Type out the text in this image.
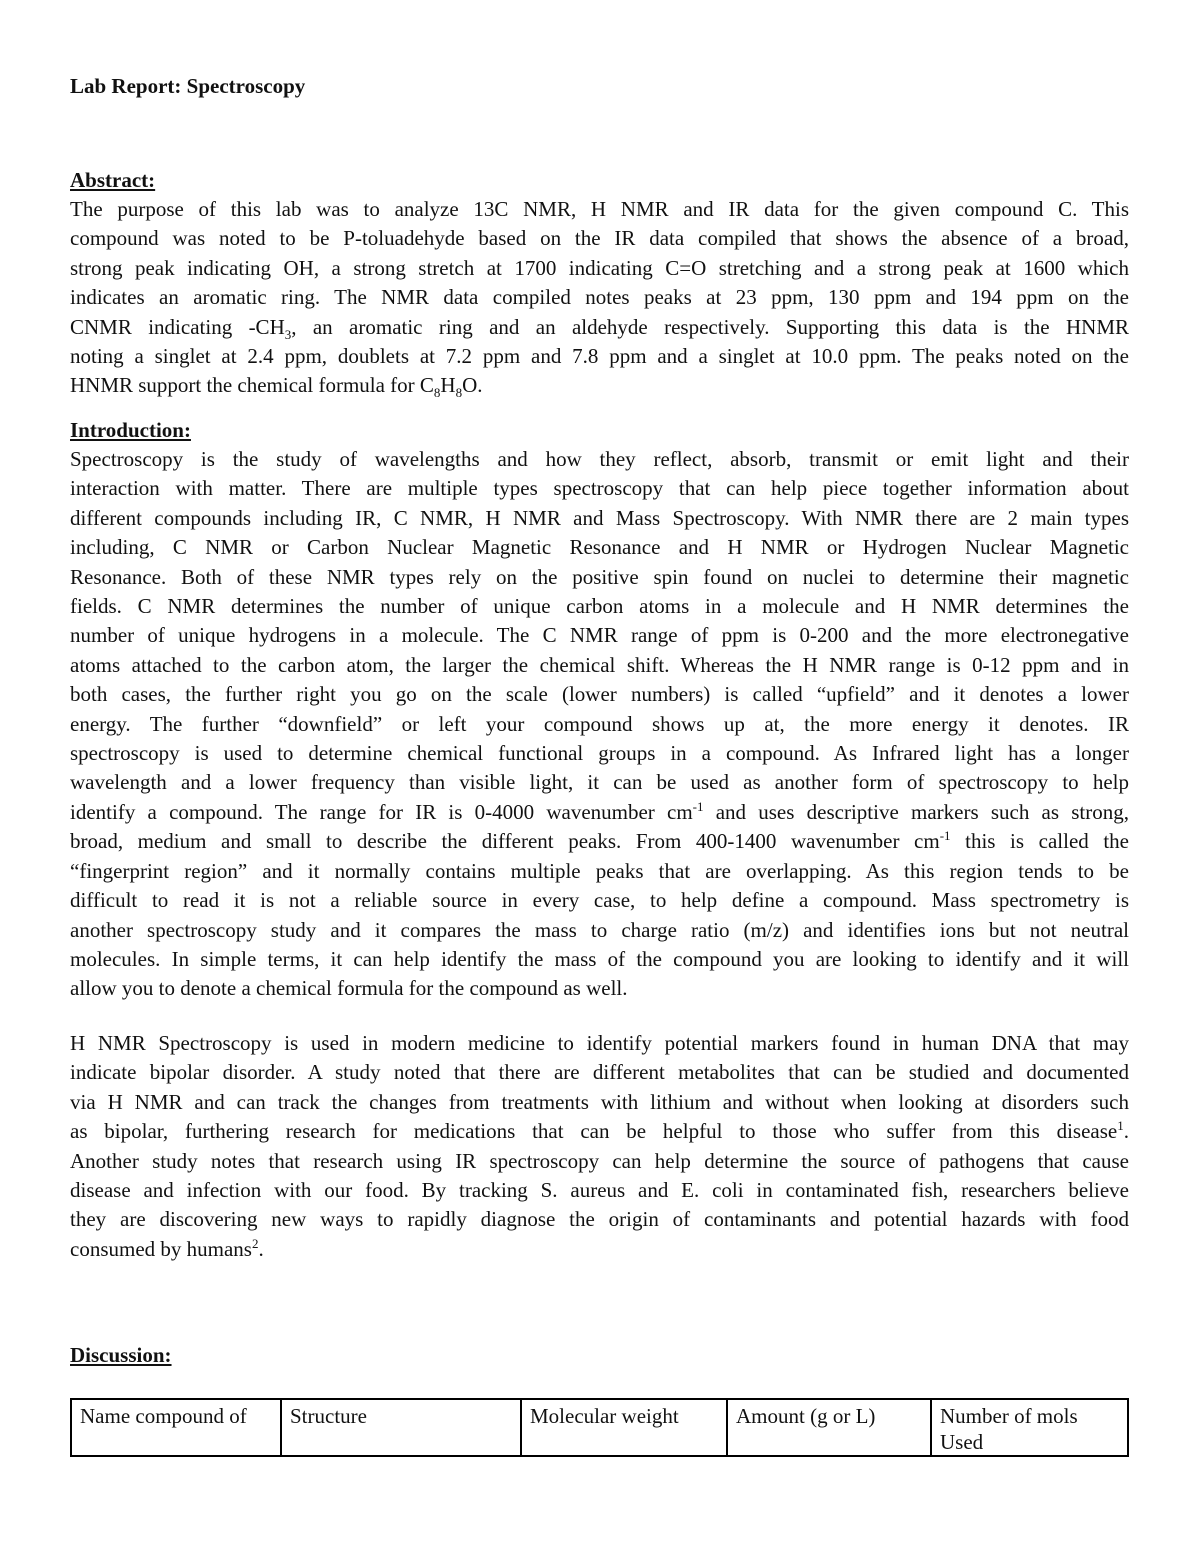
Lab Report: Spectroscopy
Abstract:
The purpose of this lab was to analyze 13C NMR, H NMR and IR data for the given compound C. This
compound was noted to be P-toluadehyde based on the IR data compiled that shows the absence of a broad,
strong peak indicating OH, a strong stretch at 1700 indicating C=O stretching and a strong peak at 1600 which
indicates an aromatic ring. The NMR data compiled notes peaks at 23 ppm, 130 ppm and 194 ppm on the
CNMR indicating $-CH_3$, an aromatic ring and an aldehyde respectively. Supporting this data is the HNMR
noting a singlet at 2.4 ppm, doublets at 7.2 ppm and 7.8 ppm and a singlet at 10.0 ppm. The peaks noted on the
HNMR support the chemical formula for $C_8H_8O$.
Introduction:
Spectroscopy is the study of wavelengths and how they reflect, absorb, transmit or emit light and their
interaction with matter. There are multiple types spectroscopy that can help piece together information about
different compounds including IR, C NMR, H NMR and Mass Spectroscopy. With NMR there are 2 main types
including, C NMR or Carbon Nuclear Magnetic Resonance and H NMR or Hydrogen Nuclear Magnetic
Resonance. Both of these NMR types rely on the positive spin found on nuclei to determine their magnetic
fields. C NMR determines the number of unique carbon atoms in a molecule and H NMR determines the
number of unique hydrogens in a molecule. The C NMR range of ppm is 0-200 and the more electronegative
atoms attached to the carbon atom, the larger the chemical shift. Whereas the H NMR range is 0-12 ppm and in
both cases, the further right you go on the scale (lower numbers) is called “upfield” and it denotes a lower
energy. The further “downfield” or left your compound shows up at, the more energy it denotes. IR
spectroscopy is used to determine chemical functional groups in a compound. As Infrared light has a longer
wavelength and a lower frequency than visible light, it can be used as another form of spectroscopy to help
identify a compound. The range for IR is 0-4000 wavenumber $cm^{-1}$ and uses descriptive markers such as strong,
broad, medium and small to describe the different peaks. From 400-1400 wavenumber $cm^{-1}$ this is called the
“fingerprint region” and it normally contains multiple peaks that are overlapping. As this region tends to be
difficult to read it is not a reliable source in every case, to help define a compound. Mass spectrometry is
another spectroscopy study and it compares the mass to charge ratio (m/z) and identifies ions but not neutral
molecules. In simple terms, it can help identify the mass of the compound you are looking to identify and it will
allow you to denote a chemical formula for the compound as well.
H NMR Spectroscopy is used in modern medicine to identify potential markers found in human DNA that may
indicate bipolar disorder. A study noted that there are different metabolites that can be studied and documented
via H NMR and can track the changes from treatments with lithium and without when looking at disorders such
as bipolar, furthering research for medications that can be helpful to those who suffer from this disease$^1$.
Another study notes that research using IR spectroscopy can help determine the source of pathogens that cause
disease and infection with our food. By tracking S. aureus and E. coli in contaminated fish, researchers believe
they are discovering new ways to rapidly diagnose the origin of contaminants and potential hazards with food
consumed by humans$^2$.
Discussion:
Name compound of	Structure	Molecular weight	Amount (g or L)	Number of mols
Used
